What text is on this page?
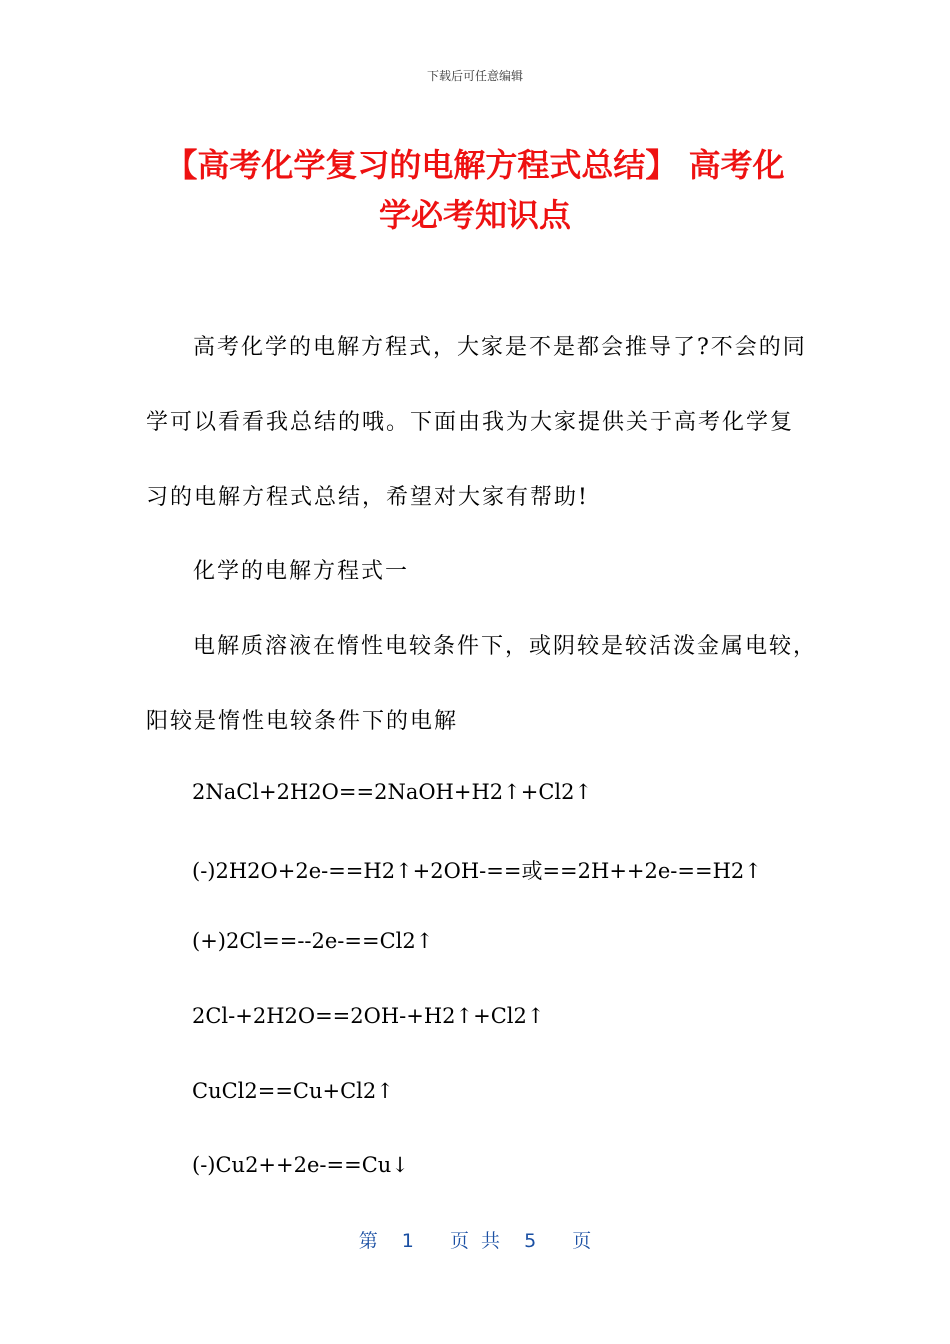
下载后可任意编辑
【高考化学复习的电解方程式总结】 高考化
学必考知识点
高考化学的电解方程式，大家是不是都会推导了?不会的同
学可以看看我总结的哦。下面由我为大家提供关于高考化学复
习的电解方程式总结，希望对大家有帮助!
化学的电解方程式一
电解质溶液在惰性电较条件下，或阴较是较活泼金属电较，
阳较是惰性电较条件下的电解
2NaCl+2H2O==2NaOH+H2↑+Cl2↑
(-)2H2O+2e-==H2↑+2OH-==或==2H++2e-==H2↑
(+)2Cl==--2e-==Cl2↑
2Cl-+2H2O==2OH-+H2↑+Cl2↑
CuCl2==Cu+Cl2↑
(-)Cu2++2e-==Cu↓
第  1   页 共  5   页
